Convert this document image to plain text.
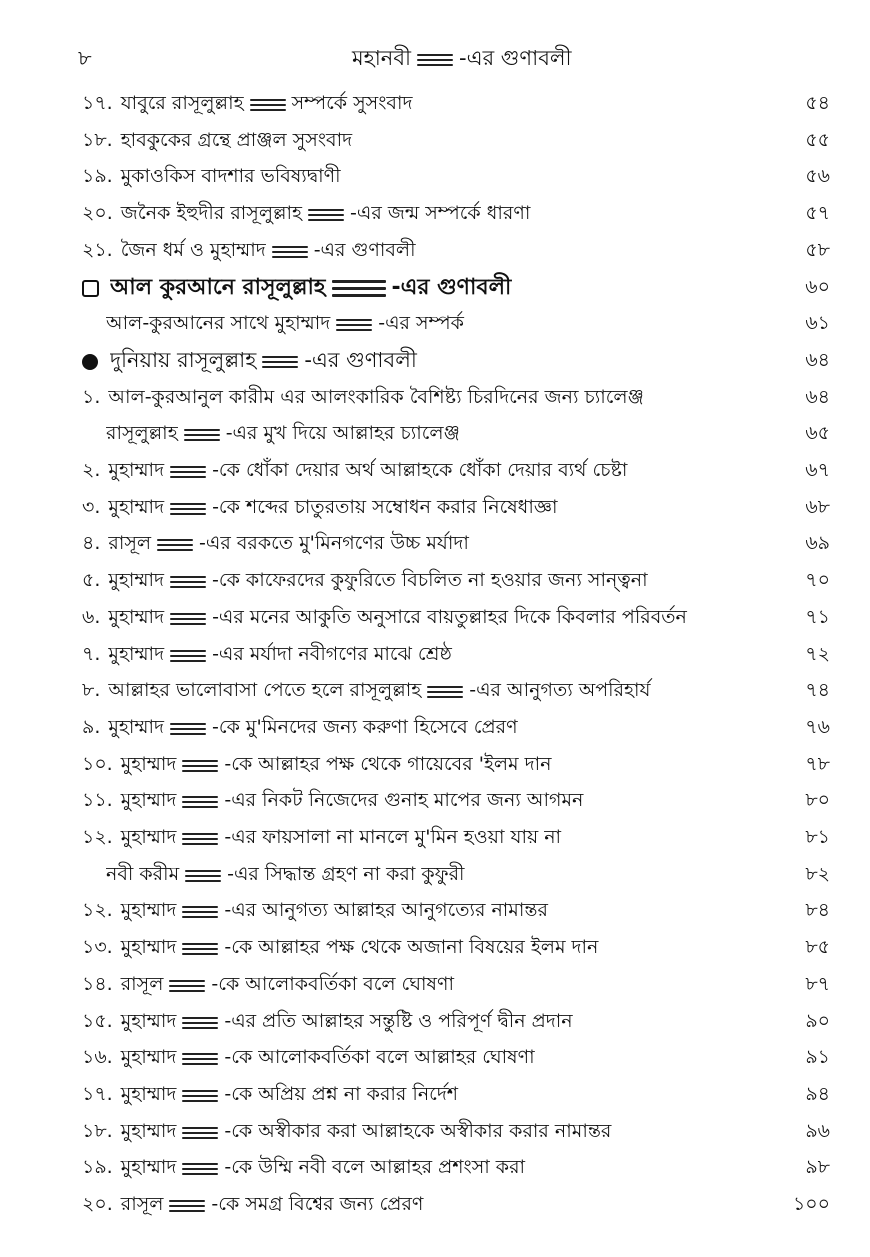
৮	মহানবী -এর গুণাবলী
১৭. যাবুরে রাসূলুল্লাহ	সম্পর্কে সুসংবাদ	৫৪
১৮. হাবকুকের গ্রন্থে প্রাঞ্জল সুসংবাদ	৫৫
১৯. মুকাওকিস বাদশার ভবিষ্যদ্বাণী	৫৬
২০. জনৈক ইহুদীর রাসূলুল্লাহ	-এর জন্ম সম্পর্কে ধারণা	৫৭
২১. জৈন ধর্ম ও মুহাম্মাদ	-এর গুণাবলী	৫৮
আল কুরআনে রাসূলুল্লাহ	-এর গুণাবলী	৬০
আল-কুরআনের সাথে মুহাম্মাদ	-এর সম্পর্ক	৬১
দুনিয়ায় রাসূলুল্লাহ -এর গুণাবলী	৬৪
১. আল-কুরআনুল কারীম এর আলংকারিক বৈশিষ্ট্য চিরদিনের জন্য চ্যালেঞ্জ	৬৪
রাসূলুল্লাহ	-এর মুখ দিয়ে আল্লাহর চ্যালেঞ্জ	৬৫
২. মুহাম্মাদ	-কে ধোঁকা দেয়ার অর্থ আল্লাহকে ধোঁকা দেয়ার ব্যর্থ চেষ্টা	৬৭
৩. মুহাম্মাদ	-কে শব্দের চাতুরতায় সম্বোধন করার নিষেধাজ্ঞা	৬৮
৪. রাসূল	-এর বরকতে মু'মিনগণের উচ্চ মর্যাদা	৬৯
৫. মুহাম্মাদ	-কে কাফেরদের কুফুরিতে বিচলিত না হওয়ার জন্য সান্ত্বনা	৭০
৬. মুহাম্মাদ	-এর মনের আকুতি অনুসারে বায়তুল্লাহর দিকে কিবলার পরিবর্তন	৭১
৭. মুহাম্মাদ	-এর মর্যাদা নবীগণের মাঝে শ্রেষ্ঠ	৭২
৮. আল্লাহর ভালোবাসা পেতে হলে রাসূলুল্লাহ	-এর আনুগত্য অপরিহার্য	৭৪
৯. মুহাম্মাদ	-কে মু'মিনদের জন্য করুণা হিসেবে প্রেরণ	৭৬
১০. মুহাম্মাদ	-কে আল্লাহর পক্ষ থেকে গায়েবের 'ইলম দান	৭৮
১১. মুহাম্মাদ	-এর নিকট নিজেদের গুনাহ মাপের জন্য আগমন	৮০
১২. মুহাম্মাদ	-এর ফায়সালা না মানলে মু'মিন হওয়া যায় না	৮১
নবী করীম	-এর সিদ্ধান্ত গ্রহণ না করা কুফুরী	৮২
১২. মুহাম্মাদ	-এর আনুগত্য আল্লাহর আনুগত্যের নামান্তর	৮৪
১৩. মুহাম্মাদ	-কে আল্লাহর পক্ষ থেকে অজানা বিষয়ের ইলম দান	৮৫
১৪. রাসূল	-কে আলোকবর্তিকা বলে ঘোষণা	৮৭
১৫. মুহাম্মাদ	-এর প্রতি আল্লাহর সন্তুষ্টি ও পরিপূর্ণ দ্বীন প্রদান	৯০
১৬. মুহাম্মাদ	-কে আলোকবর্তিকা বলে আল্লাহর ঘোষণা	৯১
১৭. মুহাম্মাদ	-কে অপ্রিয় প্রশ্ন না করার নির্দেশ	৯৪
১৮. মুহাম্মাদ	-কে অস্বীকার করা আল্লাহকে অস্বীকার করার নামান্তর	৯৬
১৯. মুহাম্মাদ	-কে উম্মি নবী বলে আল্লাহর প্রশংসা করা	৯৮
২০. রাসূল	-কে সমগ্র বিশ্বের জন্য প্রেরণ	১০০
